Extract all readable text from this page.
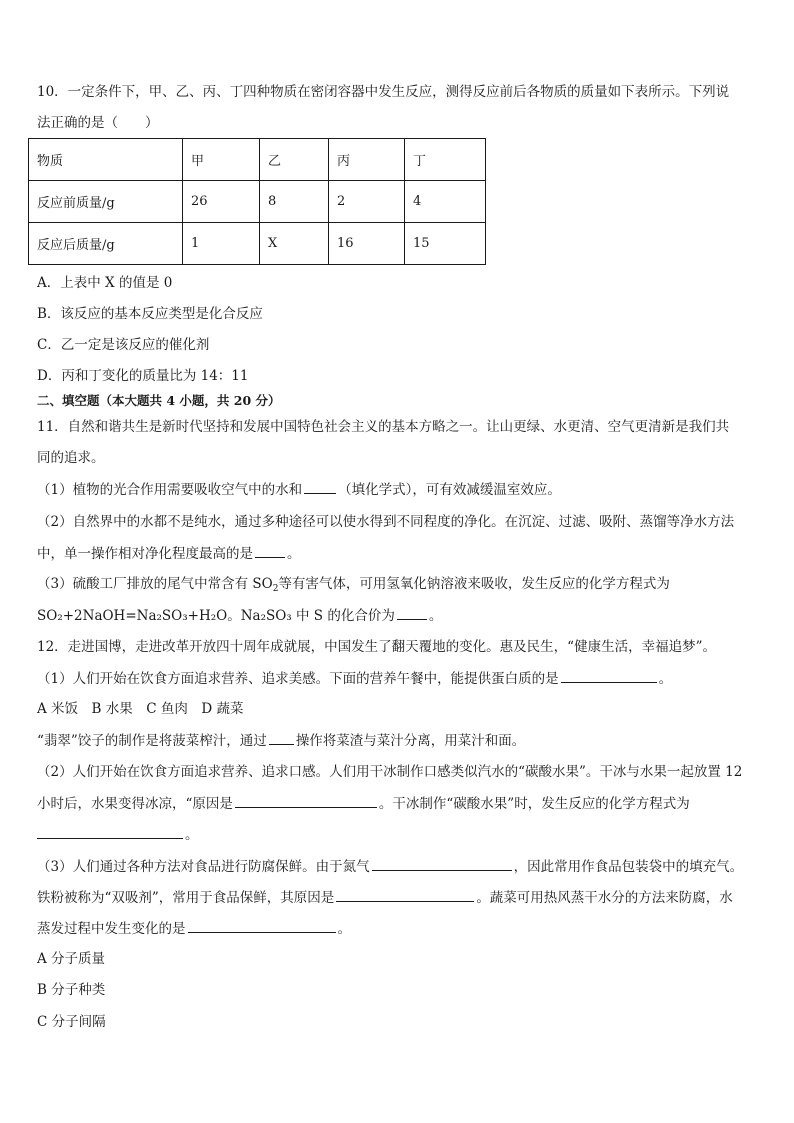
10．一定条件下，甲、乙、丙、丁四种物质在密闭容器中发生反应，测得反应前后各物质的质量如下表所示。下列说
法正确的是（　　）
物质	甲	乙	丙	丁
反应前质量/g	26	8	2	4
反应后质量/g	1	X	16	15
A．上表中 X 的值是 0
B．该反应的基本反应类型是化合反应
C．乙一定是该反应的催化剂
D．丙和丁变化的质量比为 14：11
二、填空题（本大题共 4 小题，共 20 分）
11．自然和谐共生是新时代坚持和发展中国特色社会主义的基本方略之一。让山更绿、水更清、空气更清新是我们共
同的追求。
（1）植物的光合作用需要吸收空气中的水和	（填化学式），可有效减缓温室效应。
（2）自然界中的水都不是纯水，通过多种途径可以使水得到不同程度的净化。在沉淀、过滤、吸附、蒸馏等净水方法
中，单一操作相对净化程度最高的是	。
（3）硫酸工厂排放的尾气中常含有 $SO_2$等有害气体，可用氢氧化钠溶液来吸收，发生反应的化学方程式为
SO₂+2NaOH=Na₂SO₃+H₂O。Na₂SO₃ 中 S 的化合价为	。
12．走进国博，走进改革开放四十周年成就展，中国发生了翻天覆地的变化。惠及民生，“健康生活，幸福追梦”。
（1）人们开始在饮食方面追求营养、追求美感。下面的营养午餐中，能提供蛋白质的是	。
A 米饭　B 水果　C 鱼肉　D 蔬菜
“翡翠”饺子的制作是将菠菜榨汁，通过 操作将菜渣与菜汁分离，用菜汁和面。
（2）人们开始在饮食方面追求营养、追求口感。人们用干冰制作口感类似汽水的“碳酸水果”。干冰与水果一起放置 12
小时后，水果变得冰凉，“原因是	。干冰制作“碳酸水果”时，发生反应的化学方程式为
。
（3）人们通过各种方法对食品进行防腐保鲜。由于氮气	，因此常用作食品包装袋中的填充气。
铁粉被称为“双吸剂”，常用于食品保鲜，其原因是	。蔬菜可用热风蒸干水分的方法来防腐，水
蒸发过程中发生变化的是	。
A 分子质量
B 分子种类
C 分子间隔
